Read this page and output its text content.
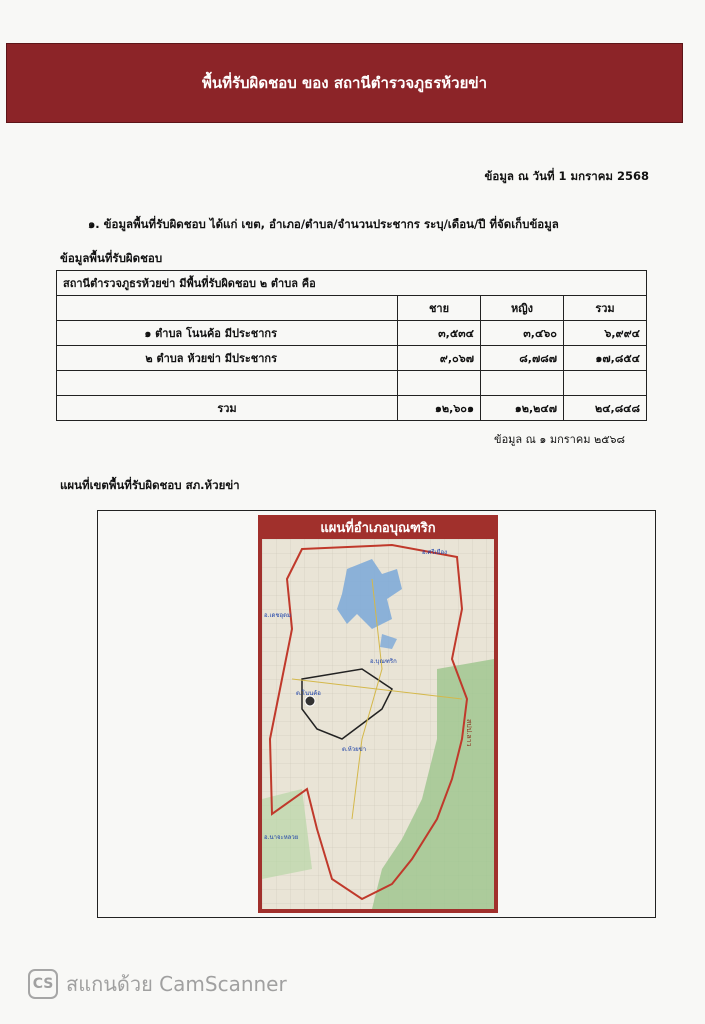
พื้นที่รับผิดชอบ ของ สถานีตำรวจภูธรห้วยข่า
ข้อมูล ณ วันที่ 1 มกราคม 2568
๑. ข้อมูลพื้นที่รับผิดชอบ ได้แก่ เขต, อำเภอ/ตำบล/จำนวนประชากร ระบุ/เดือน/ปี ที่จัดเก็บข้อมูล
ข้อมูลพื้นที่รับผิดชอบ
สถานีตำรวจภูธรห้วยข่า มีพื้นที่รับผิดชอบ ๒ ตำบล คือ			
	ชาย	หญิง	รวม
๑ ตำบล โนนค้อ มีประชากร	๓,๕๓๔	๓,๔๖๐	๖,๙๙๔
๒ ตำบล ห้วยข่า มีประชากร	๙,๐๖๗	๘,๗๘๗	๑๗,๘๕๔

รวม	๑๒,๖๐๑	๑๒,๒๔๗	๒๔,๘๔๘
ข้อมูล ณ ๑ มกราคม ๒๕๖๘
แผนที่เขตพื้นที่รับผิดชอบ สภ.ห้วยข่า
แผนที่อำเภอบุณฑริก
อ.ศรีเมือง
อ.เดชอุดม
อ.บุณฑริก
ต.โนนค้อ
ต.ห้วยข่า
อ.นาจะหลวย
สปป.ลาว
CS สแกนด้วย CamScanner
